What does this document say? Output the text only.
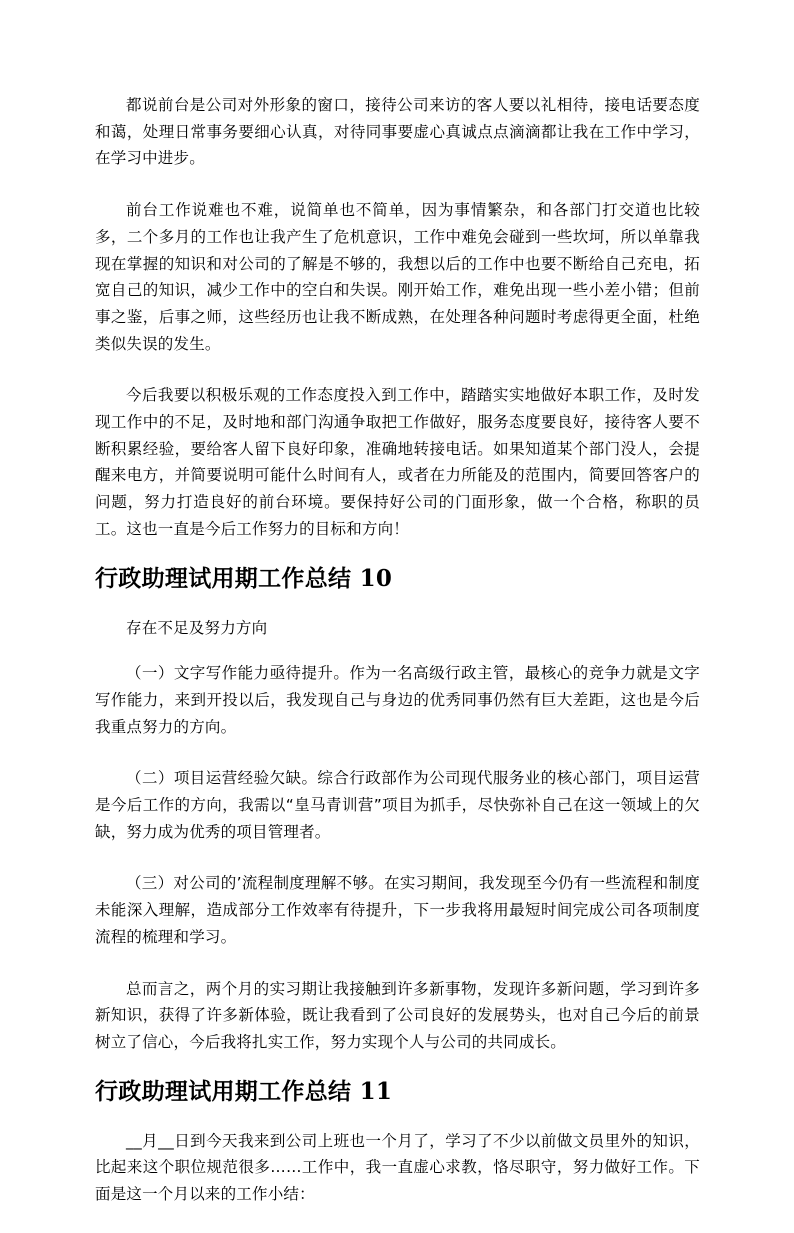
都说前台是公司对外形象的窗口，接待公司来访的客人要以礼相待，接电话要态度和蔼，处理日常事务要细心认真，对待同事要虚心真诚点点滴滴都让我在工作中学习，在学习中进步。

前台工作说难也不难，说简单也不简单，因为事情繁杂，和各部门打交道也比较多，二个多月的工作也让我产生了危机意识，工作中难免会碰到一些坎坷，所以单靠我现在掌握的知识和对公司的了解是不够的，我想以后的工作中也要不断给自己充电，拓宽自己的知识，减少工作中的空白和失误。刚开始工作，难免出现一些小差小错；但前事之鉴，后事之师，这些经历也让我不断成熟，在处理各种问题时考虑得更全面，杜绝类似失误的发生。

今后我要以积极乐观的工作态度投入到工作中，踏踏实实地做好本职工作，及时发现工作中的不足，及时地和部门沟通争取把工作做好，服务态度要良好，接待客人要不断积累经验，要给客人留下良好印象，准确地转接电话。如果知道某个部门没人，会提醒来电方，并简要说明可能什么时间有人，或者在力所能及的范围内，简要回答客户的问题，努力打造良好的前台环境。要保持好公司的门面形象，做一个合格，称职的员工。这也一直是今后工作努力的目标和方向！

行政助理试用期工作总结 10

存在不足及努力方向

（一）文字写作能力亟待提升。作为一名高级行政主管，最核心的竞争力就是文字写作能力，来到开投以后，我发现自己与身边的优秀同事仍然有巨大差距，这也是今后我重点努力的方向。

（二）项目运营经验欠缺。综合行政部作为公司现代服务业的核心部门，项目运营是今后工作的方向，我需以“皇马青训营”项目为抓手，尽快弥补自己在这一领域上的欠缺，努力成为优秀的项目管理者。

（三）对公司的’流程制度理解不够。在实习期间，我发现至今仍有一些流程和制度未能深入理解，造成部分工作效率有待提升，下一步我将用最短时间完成公司各项制度流程的梳理和学习。

总而言之，两个月的实习期让我接触到许多新事物，发现许多新问题，学习到许多新知识，获得了许多新体验，既让我看到了公司良好的发展势头，也对自己今后的前景树立了信心，今后我将扎实工作，努力实现个人与公司的共同成长。

行政助理试用期工作总结 11

__月__日到今天我来到公司上班也一个月了，学习了不少以前做文员里外的知识，比起来这个职位规范很多……工作中，我一直虚心求教，恪尽职守，努力做好工作。下面是这一个月以来的工作小结：
